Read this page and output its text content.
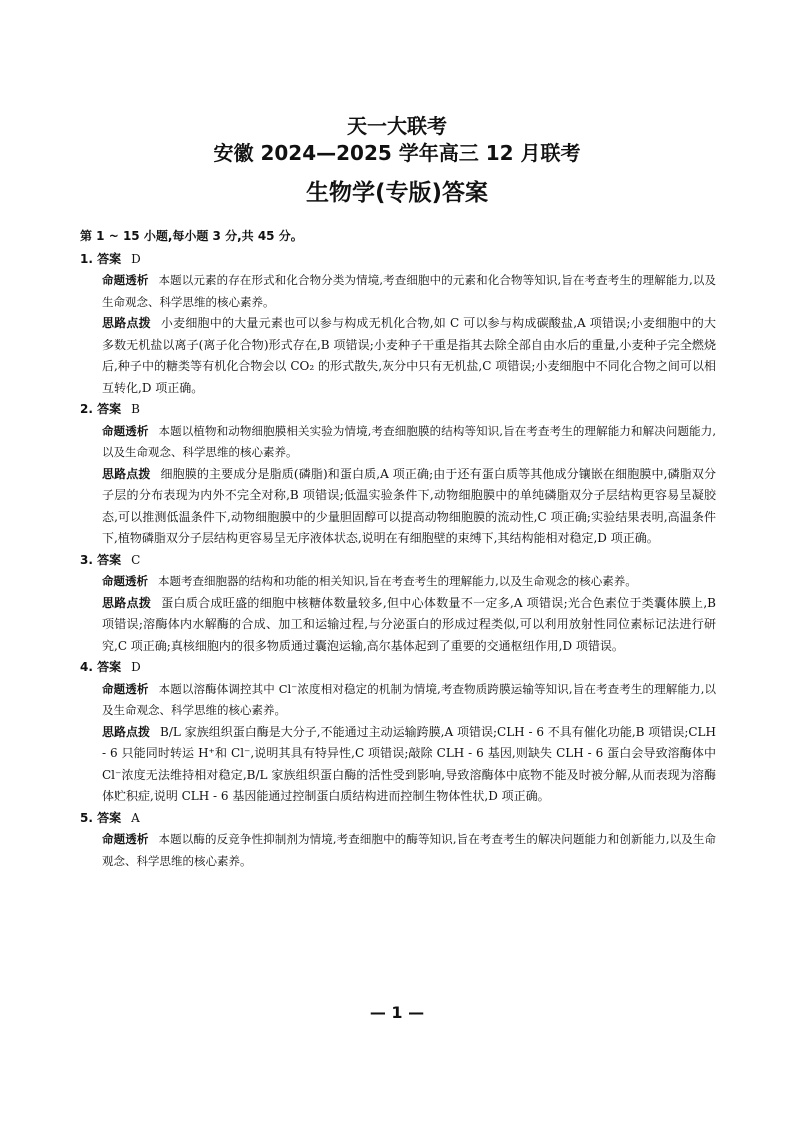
天一大联考
安徽 2024—2025 学年高三 12 月联考
生物学(专版)答案
第 1 ~ 15 小题,每小题 3 分,共 45 分。
1. 答案 D
命题透析 本题以元素的存在形式和化合物分类为情境,考查细胞中的元素和化合物等知识,旨在考查考生的理解能力,以及生命观念、科学思维的核心素养。
思路点拨 小麦细胞中的大量元素也可以参与构成无机化合物,如 C 可以参与构成碳酸盐,A 项错误;小麦细胞中的大多数无机盐以离子(离子化合物)形式存在,B 项错误;小麦种子干重是指其去除全部自由水后的重量,小麦种子完全燃烧后,种子中的糖类等有机化合物会以 CO₂ 的形式散失,灰分中只有无机盐,C 项错误;小麦细胞中不同化合物之间可以相互转化,D 项正确。
2. 答案 B
命题透析 本题以植物和动物细胞膜相关实验为情境,考查细胞膜的结构等知识,旨在考查考生的理解能力和解决问题能力,以及生命观念、科学思维的核心素养。
思路点拨 细胞膜的主要成分是脂质(磷脂)和蛋白质,A 项正确;由于还有蛋白质等其他成分镶嵌在细胞膜中,磷脂双分子层的分布表现为内外不完全对称,B 项错误;低温实验条件下,动物细胞膜中的单纯磷脂双分子层结构更容易呈凝胶态,可以推测低温条件下,动物细胞膜中的少量胆固醇可以提高动物细胞膜的流动性,C 项正确;实验结果表明,高温条件下,植物磷脂双分子层结构更容易呈无序液体状态,说明在有细胞壁的束缚下,其结构能相对稳定,D 项正确。
3. 答案 C
命题透析 本题考查细胞器的结构和功能的相关知识,旨在考查考生的理解能力,以及生命观念的核心素养。
思路点拨 蛋白质合成旺盛的细胞中核糖体数量较多,但中心体数量不一定多,A 项错误;光合色素位于类囊体膜上,B 项错误;溶酶体内水解酶的合成、加工和运输过程,与分泌蛋白的形成过程类似,可以利用放射性同位素标记法进行研究,C 项正确;真核细胞内的很多物质通过囊泡运输,高尔基体起到了重要的交通枢纽作用,D 项错误。
4. 答案 D
命题透析 本题以溶酶体调控其中 Cl⁻浓度相对稳定的机制为情境,考查物质跨膜运输等知识,旨在考查考生的理解能力,以及生命观念、科学思维的核心素养。
思路点拨 B/L 家族组织蛋白酶是大分子,不能通过主动运输跨膜,A 项错误;CLH - 6 不具有催化功能,B 项错误;CLH - 6 只能同时转运 H⁺和 Cl⁻,说明其具有特异性,C 项错误;敲除 CLH - 6 基因,则缺失 CLH - 6 蛋白会导致溶酶体中 Cl⁻浓度无法维持相对稳定,B/L 家族组织蛋白酶的活性受到影响,导致溶酶体中底物不能及时被分解,从而表现为溶酶体贮积症,说明 CLH - 6 基因能通过控制蛋白质结构进而控制生物体性状,D 项正确。
5. 答案 A
命题透析 本题以酶的反竞争性抑制剂为情境,考查细胞中的酶等知识,旨在考查考生的解决问题能力和创新能力,以及生命观念、科学思维的核心素养。
— 1 —
